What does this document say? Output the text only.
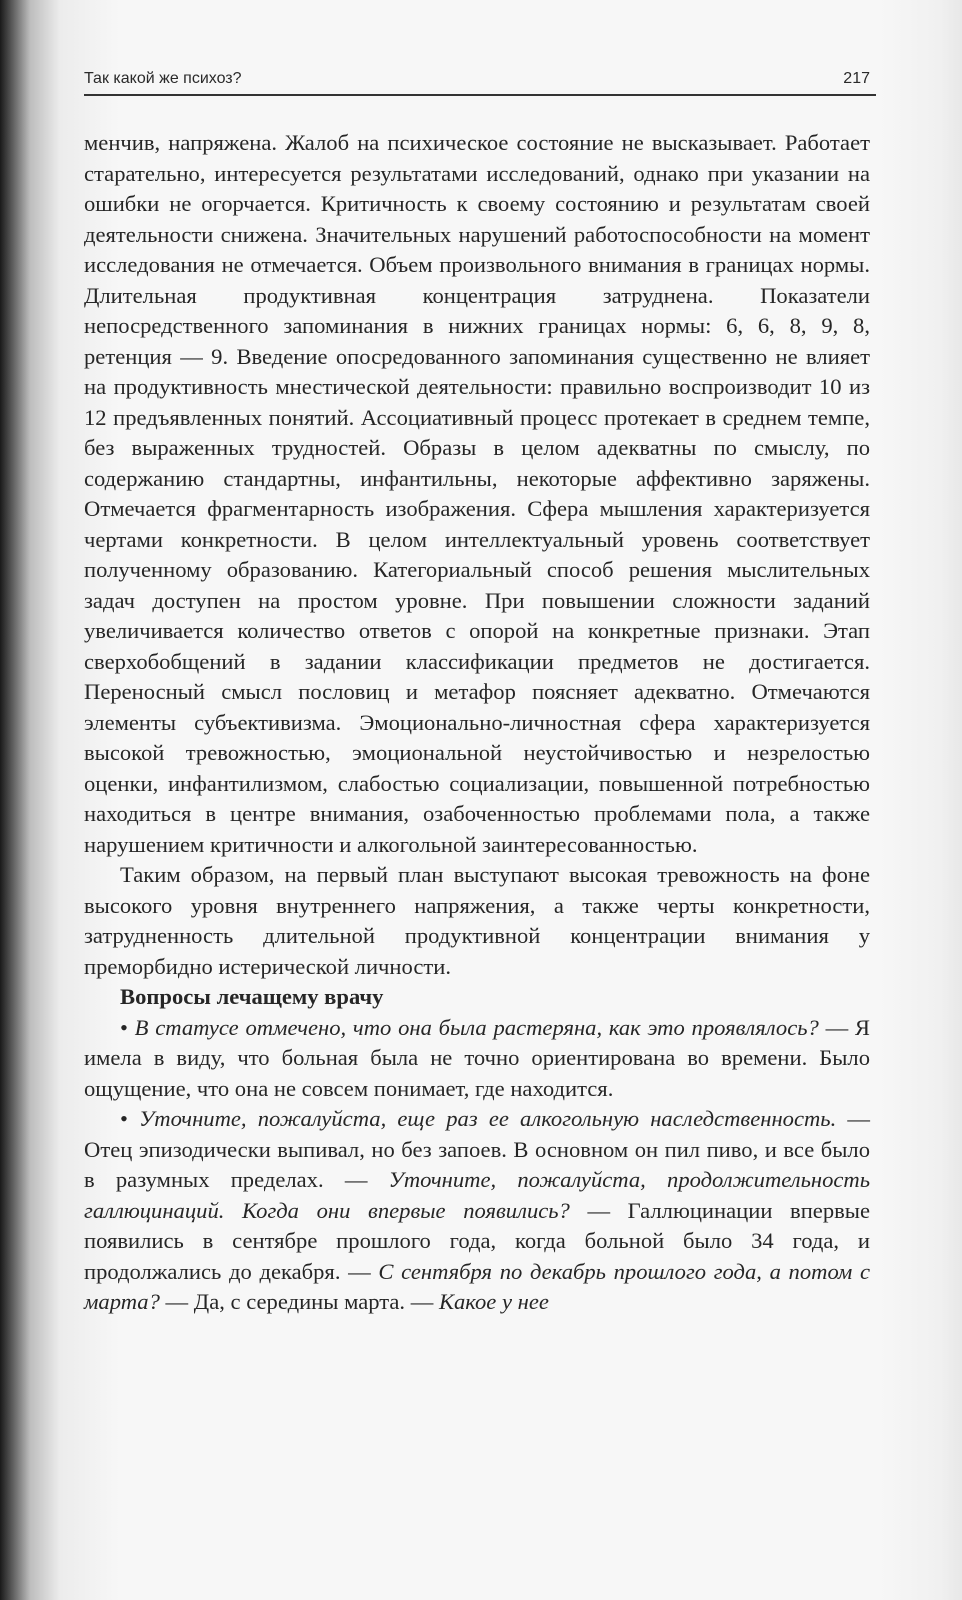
Так какой же психоз?	217

менчив, напряжена. Жалоб на психическое состояние не высказывает. Работает старательно, интересуется результатами исследований, однако при указании на ошибки не огорчается. Критичность к своему состоянию и результатам своей деятельности снижена. Значительных нарушений работоспособности на момент исследования не отмечается. Объем произвольного внимания в границах нормы. Длительная продуктивная концентрация затруднена. Показатели непосредственного запоминания в нижних границах нормы: 6, 6, 8, 9, 8, ретенция — 9. Введение опосредованного запоминания существенно не влияет на продуктивность мнестической деятельности: правильно воспроизводит 10 из 12 предъявленных понятий. Ассоциативный процесс протекает в среднем темпе, без выраженных трудностей. Образы в целом адекватны по смыслу, по содержанию стандартны, инфантильны, некоторые аффективно заряжены. Отмечается фрагментарность изображения. Сфера мышления характеризуется чертами конкретности. В целом интеллектуальный уровень соответствует полученному образованию. Категориальный способ решения мыслительных задач доступен на простом уровне. При повышении сложности заданий увеличивается количество ответов с опорой на конкретные признаки. Этап сверхобобщений в задании классификации предметов не достигается. Переносный смысл пословиц и метафор поясняет адекватно. Отмечаются элементы субъективизма. Эмоционально-личностная сфера характеризуется высокой тревожностью, эмоциональной неустойчивостью и незрелостью оценки, инфантилизмом, слабостью социализации, повышенной потребностью находиться в центре внимания, озабоченностью проблемами пола, а также нарушением критичности и алкогольной заинтересованностью.

Таким образом, на первый план выступают высокая тревожность на фоне высокого уровня внутреннего напряжения, а также черты конкретности, затрудненность длительной продуктивной концентрации внимания у преморбидно истерической личности.

Вопросы лечащему врачу

• В статусе отмечено, что она была растеряна, как это проявлялось? — Я имела в виду, что больная была не точно ориентирована во времени. Было ощущение, что она не совсем понимает, где находится.

• Уточните, пожалуйста, еще раз ее алкогольную наследственность. — Отец эпизодически выпивал, но без запоев. В основном он пил пиво, и все было в разумных пределах. — Уточните, пожалуйста, продолжительность галлюцинаций. Когда они впервые появились? — Галлюцинации впервые появились в сентябре прошлого года, когда больной было 34 года, и продолжались до декабря. — С сентября по декабрь прошлого года, а потом с марта? — Да, с середины марта. — Какое у нее
